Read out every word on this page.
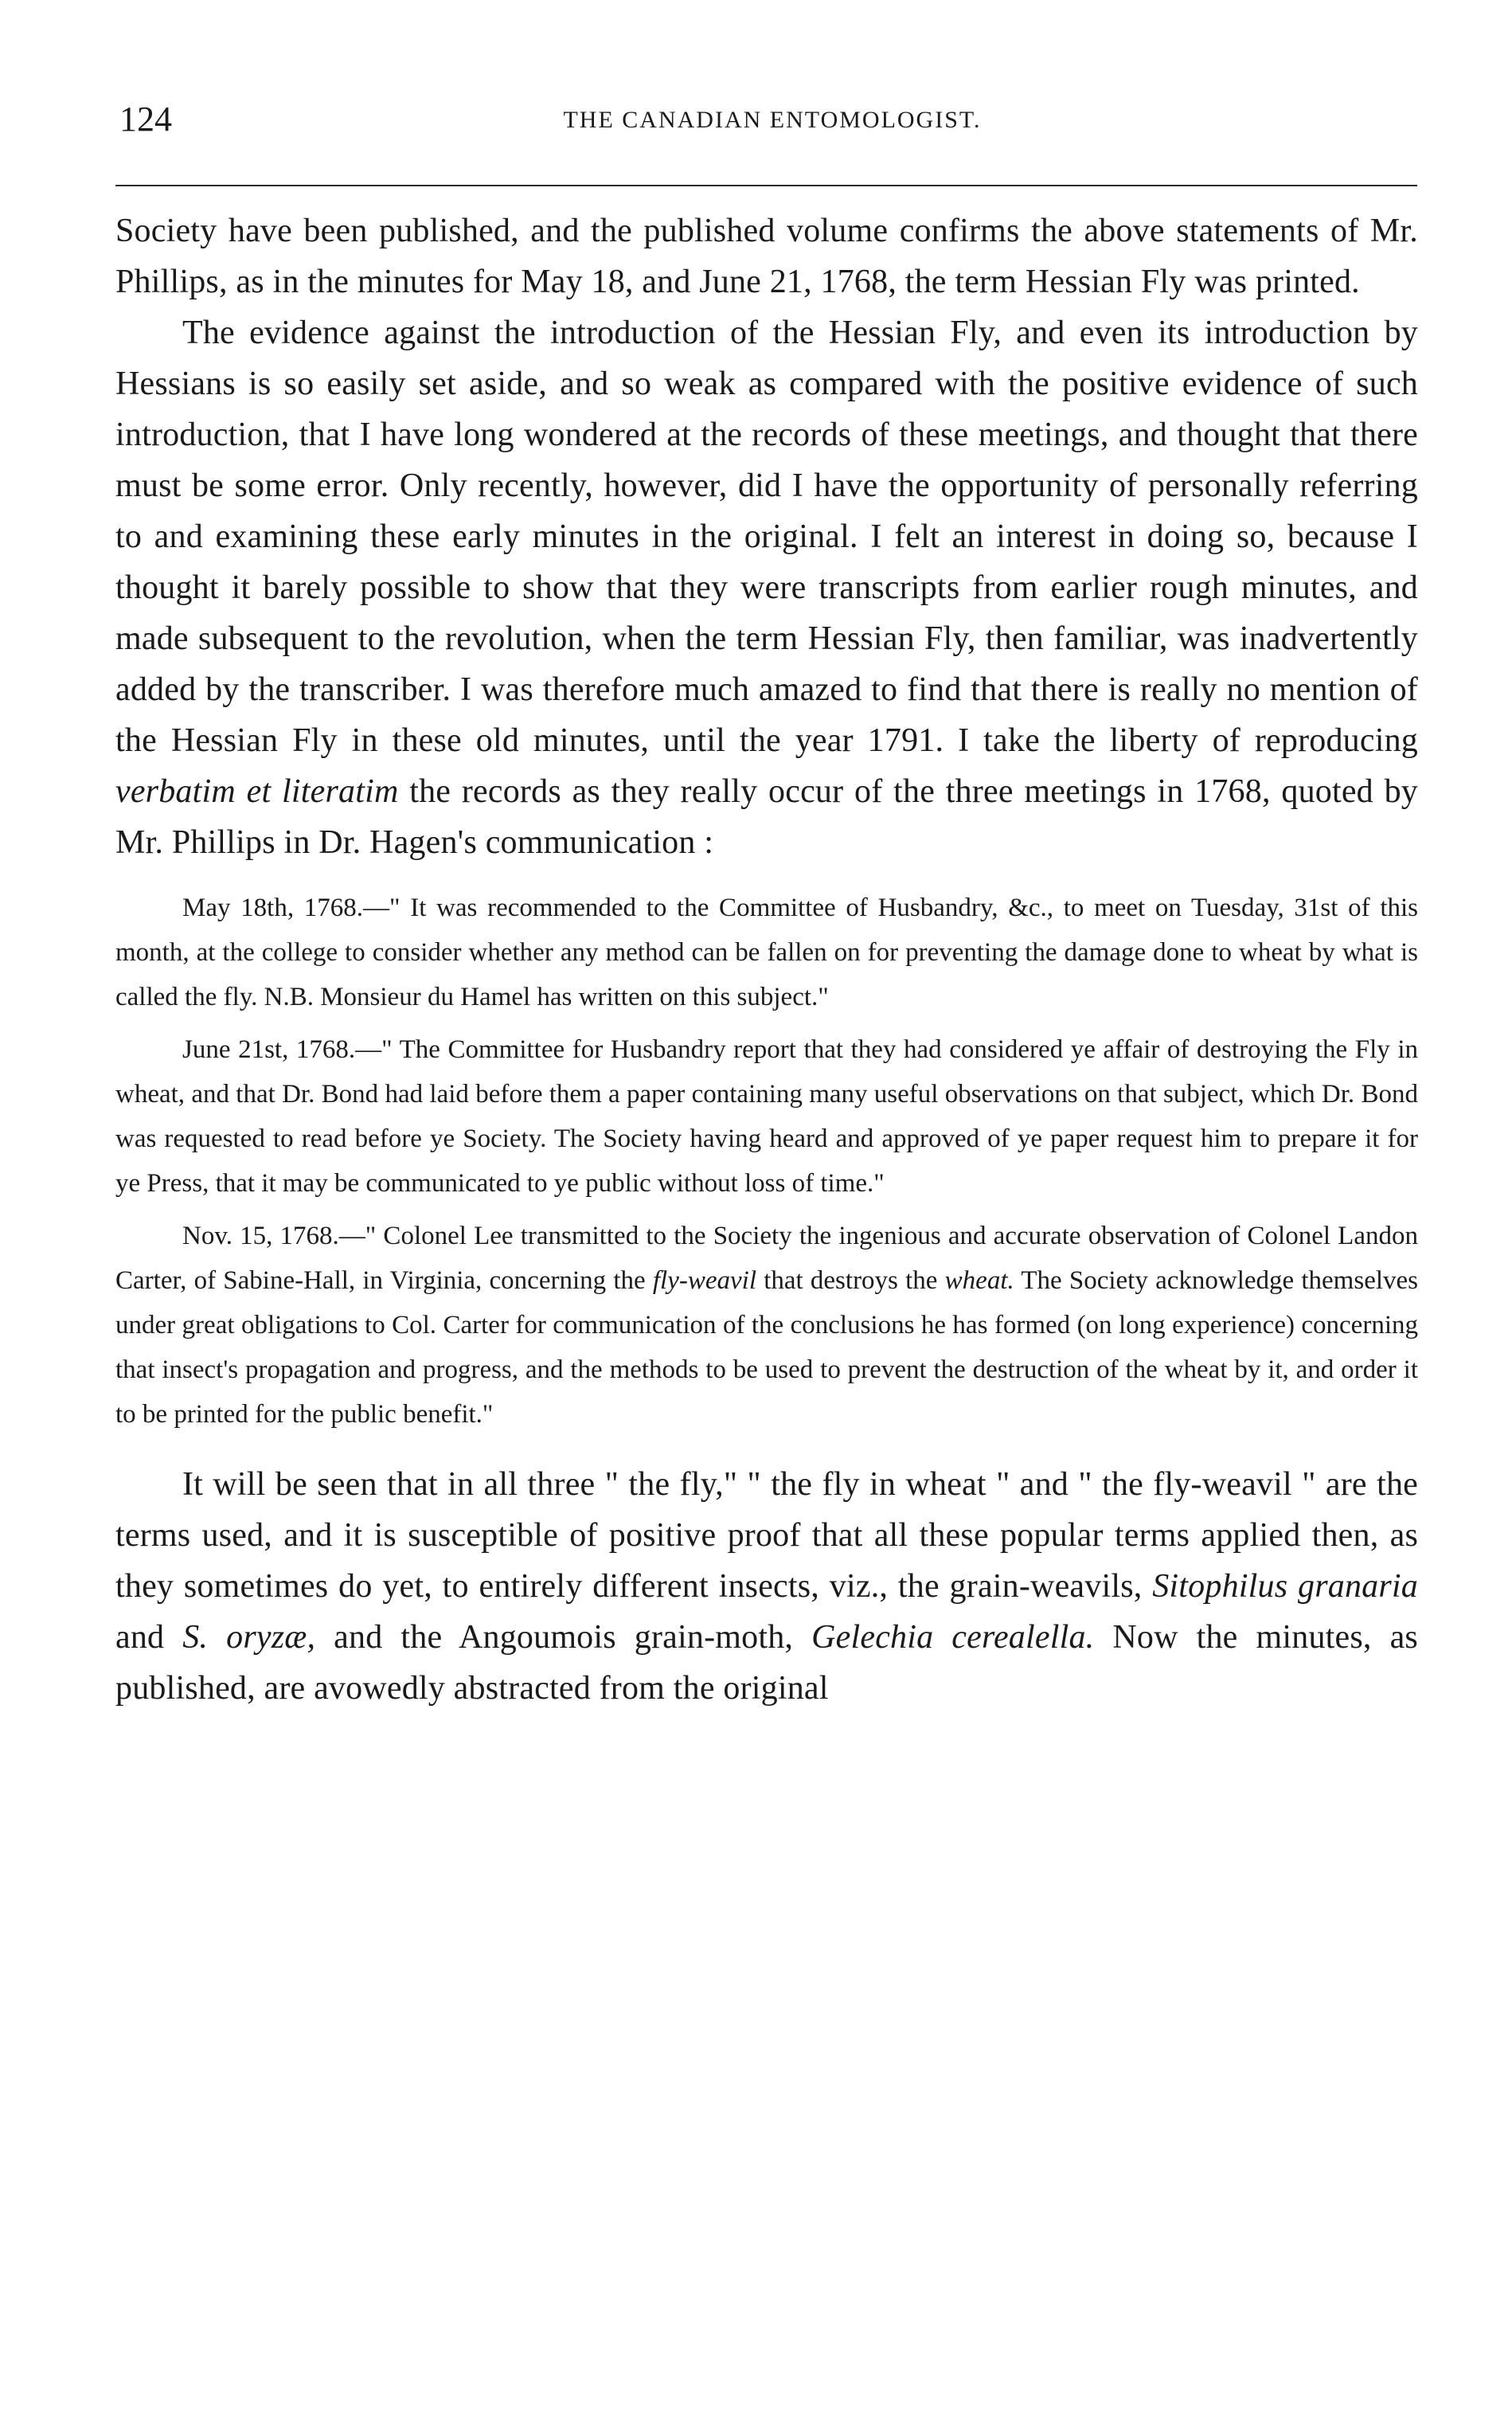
124	THE CANADIAN ENTOMOLOGIST.

Society have been published, and the published volume confirms the above statements of Mr. Phillips, as in the minutes for May 18, and June 21, 1768, the term Hessian Fly was printed.

The evidence against the introduction of the Hessian Fly, and even its introduction by Hessians is so easily set aside, and so weak as compared with the positive evidence of such introduction, that I have long wondered at the records of these meetings, and thought that there must be some error. Only recently, however, did I have the opportunity of personally referring to and examining these early minutes in the original. I felt an interest in doing so, because I thought it barely possible to show that they were transcripts from earlier rough minutes, and made subsequent to the revolution, when the term Hessian Fly, then familiar, was inadvertently added by the transcriber. I was therefore much amazed to find that there is really no mention of the Hessian Fly in these old minutes, until the year 1791. I take the liberty of reproducing verbatim et literatim the records as they really occur of the three meetings in 1768, quoted by Mr. Phillips in Dr. Hagen's communication :

May 18th, 1768.—" It was recommended to the Committee of Husbandry, &c., to meet on Tuesday, 31st of this month, at the college to consider whether any method can be fallen on for preventing the damage done to wheat by what is called the fly. N.B. Monsieur du Hamel has written on this subject."

June 21st, 1768.—" The Committee for Husbandry report that they had considered ye affair of destroying the Fly in wheat, and that Dr. Bond had laid before them a paper containing many useful observations on that subject, which Dr. Bond was requested to read before ye Society. The Society having heard and approved of ye paper request him to prepare it for ye Press, that it may be communicated to ye public without loss of time."

Nov. 15, 1768.—" Colonel Lee transmitted to the Society the ingenious and accurate observation of Colonel Landon Carter, of Sabine-Hall, in Virginia, concerning the fly-weavil that destroys the wheat. The Society acknowledge themselves under great obligations to Col. Carter for communication of the conclusions he has formed (on long experience) concerning that insect's propagation and progress, and the methods to be used to prevent the destruction of the wheat by it, and order it to be printed for the public benefit."

It will be seen that in all three " the fly," " the fly in wheat " and " the fly-weavil " are the terms used, and it is susceptible of positive proof that all these popular terms applied then, as they sometimes do yet, to entirely different insects, viz., the grain-weavils, Sitophilus granaria and S. oryzæ, and the Angoumois grain-moth, Gelechia cerealella. Now the minutes, as published, are avowedly abstracted from the original
